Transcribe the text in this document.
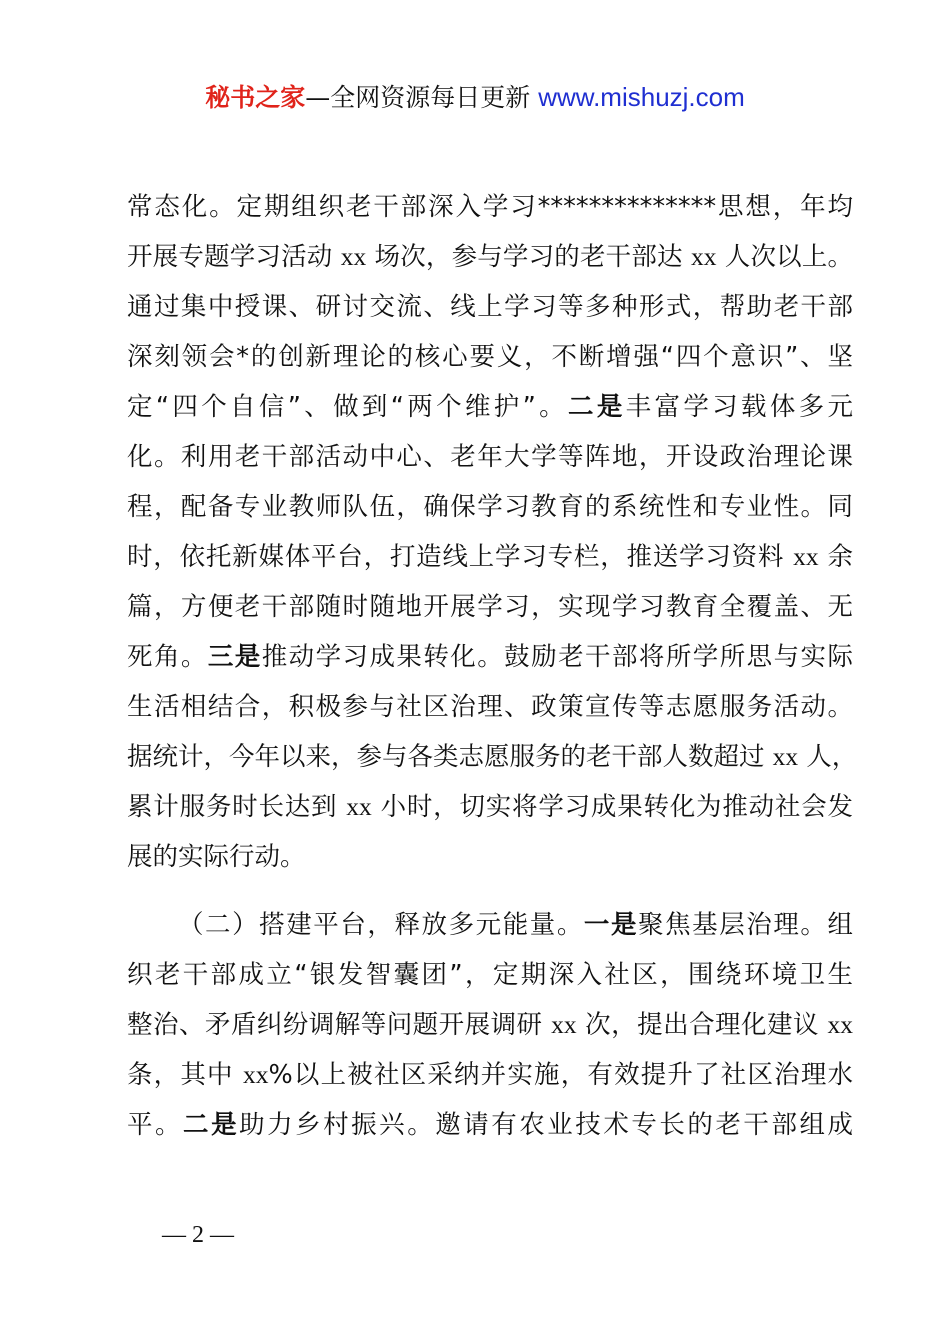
秘书之家—全网资源每日更新 www.mishuzj.com
常态化。定期组织老干部深入学习**************思想，年均
开展专题学习活动 xx 场次，参与学习的老干部达 xx 人次以上。
通过集中授课、研讨交流、线上学习等多种形式，帮助老干部
深刻领会*的创新理论的核心要义，不断增强“四个意识”、坚
定“四个自信”、做到“两个维护”。二是丰富学习载体多元
化。利用老干部活动中心、老年大学等阵地，开设政治理论课
程，配备专业教师队伍，确保学习教育的系统性和专业性。同
时，依托新媒体平台，打造线上学习专栏，推送学习资料 xx 余
篇，方便老干部随时随地开展学习，实现学习教育全覆盖、无
死角。三是推动学习成果转化。鼓励老干部将所学所思与实际
生活相结合，积极参与社区治理、政策宣传等志愿服务活动。
据统计，今年以来，参与各类志愿服务的老干部人数超过 xx 人，
累计服务时长达到 xx 小时，切实将学习成果转化为推动社会发
展的实际行动。
（二）搭建平台，释放多元能量。一是聚焦基层治理。组
织老干部成立“银发智囊团”，定期深入社区，围绕环境卫生
整治、矛盾纠纷调解等问题开展调研 xx 次，提出合理化建议 xx
条，其中 xx%以上被社区采纳并实施，有效提升了社区治理水
平。二是助力乡村振兴。邀请有农业技术专长的老干部组成
— 2 —
